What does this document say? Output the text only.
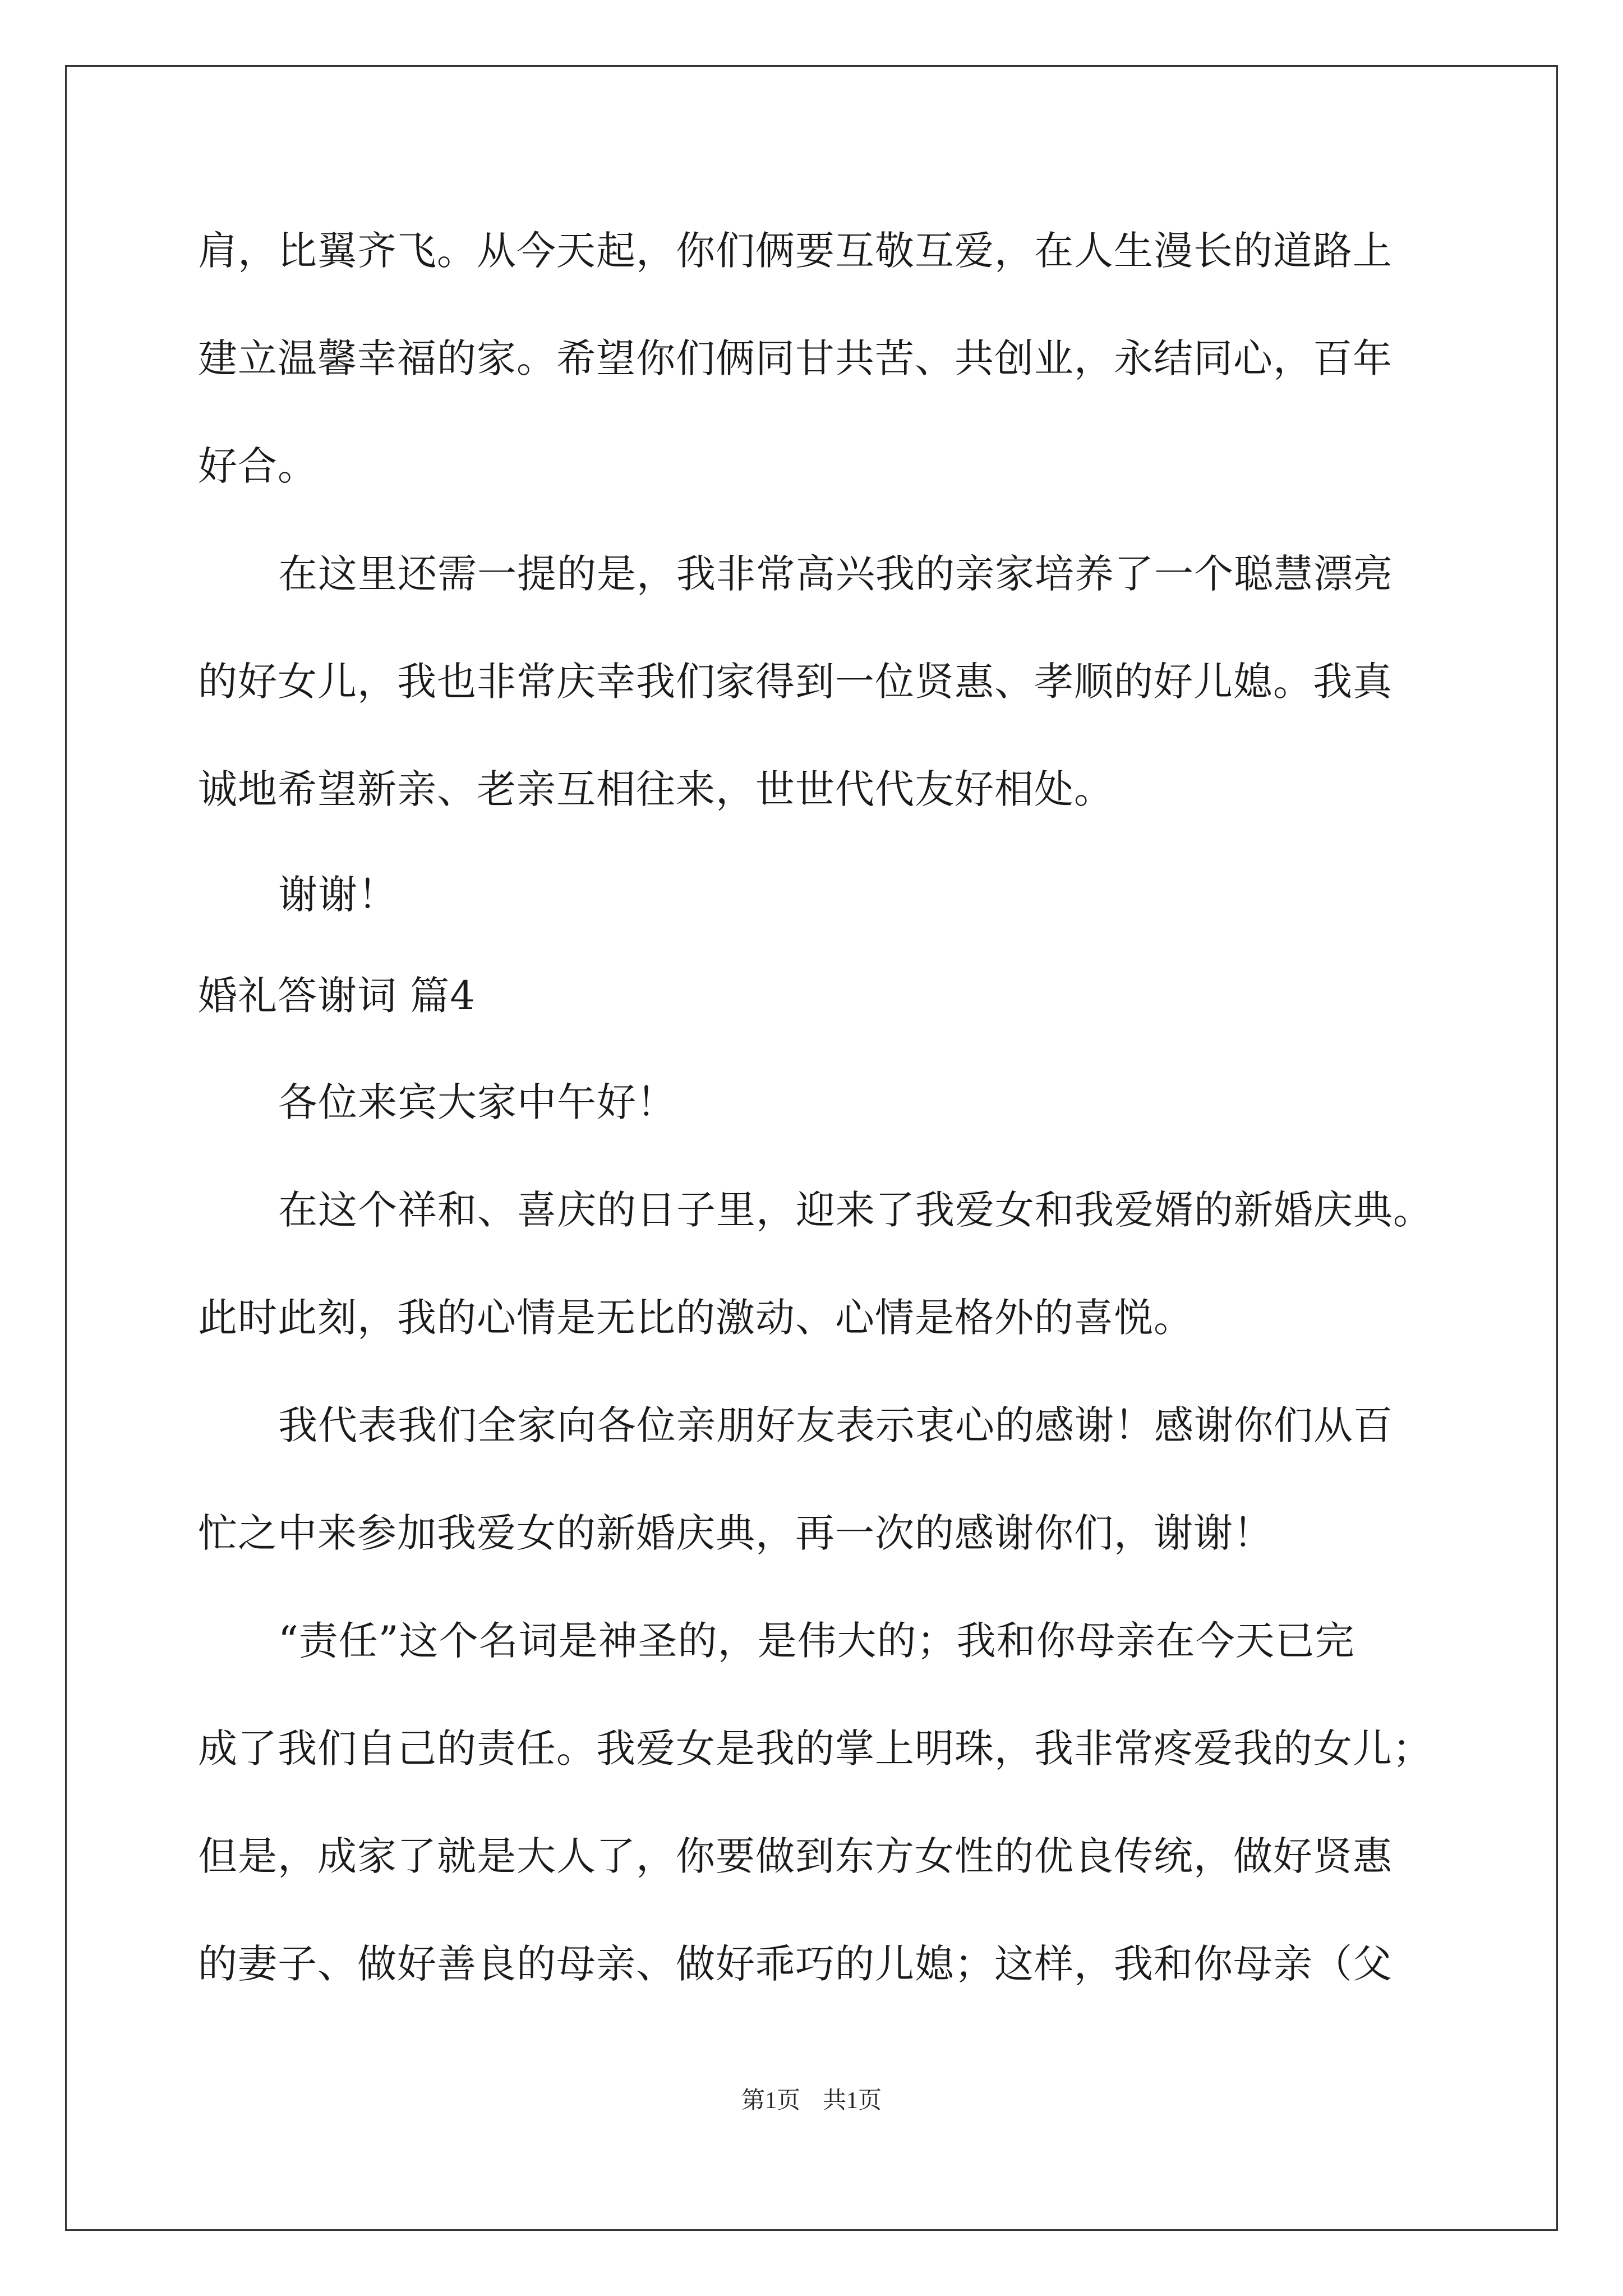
肩，比翼齐飞。从今天起，你们俩要互敬互爱，在人生漫长的道路上
建立温馨幸福的家。希望你们俩同甘共苦、共创业，永结同心，百年
好合。
在这里还需一提的是，我非常高兴我的亲家培养了一个聪慧漂亮
的好女儿，我也非常庆幸我们家得到一位贤惠、孝顺的好儿媳。我真
诚地希望新亲、老亲互相往来，世世代代友好相处。
谢谢！
婚礼答谢词 篇4
各位来宾大家中午好！
在这个祥和、喜庆的日子里，迎来了我爱女和我爱婿的新婚庆典。
此时此刻，我的心情是无比的激动、心情是格外的喜悦。
我代表我们全家向各位亲朋好友表示衷心的感谢！感谢你们从百
忙之中来参加我爱女的新婚庆典，再一次的感谢你们，谢谢！
“责任”这个名词是神圣的，是伟大的；我和你母亲在今天已完
成了我们自己的责任。我爱女是我的掌上明珠，我非常疼爱我的女儿；
但是，成家了就是大人了，你要做到东方女性的优良传统，做好贤惠
的妻子、做好善良的母亲、做好乖巧的儿媳；这样，我和你母亲（父
第1页 共1页
